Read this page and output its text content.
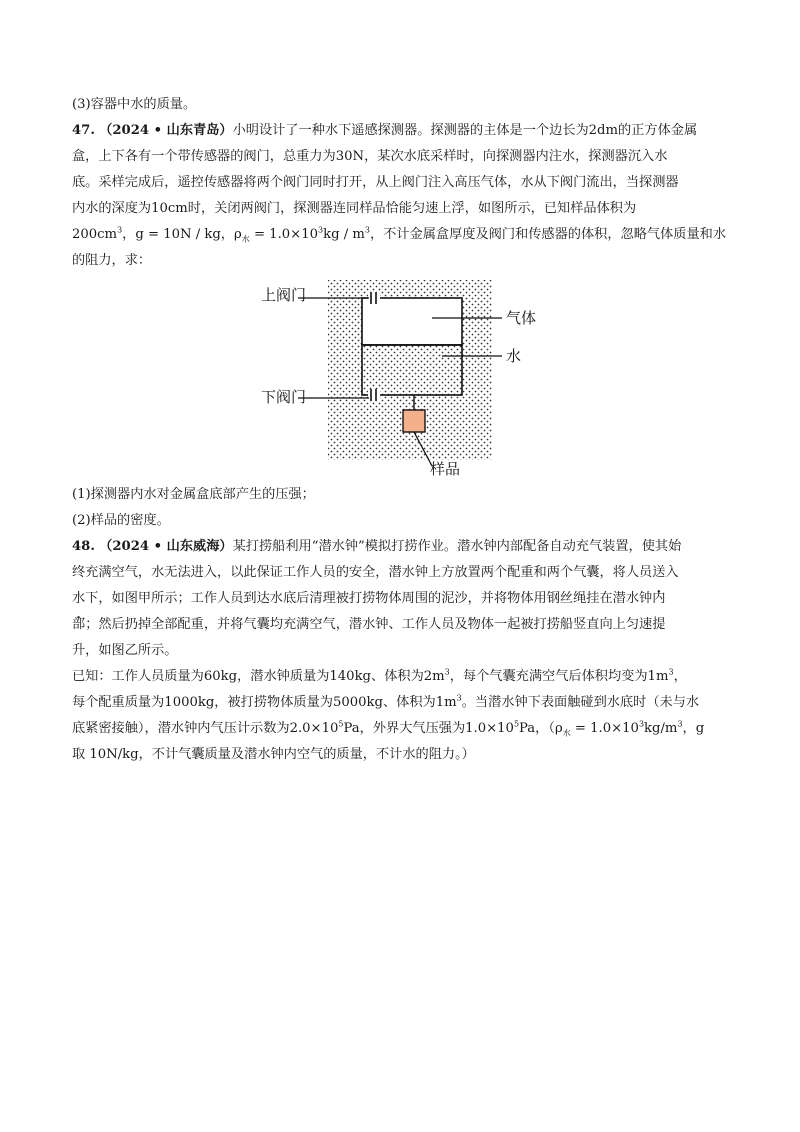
(3)容器中水的质量。
47. （2024 • 山东青岛）小明设计了一种水下遥感探测器。探测器的主体是一个边长为2dm的正方体金属
盒，上下各有一个带传感器的阀门，总重力为30N，某次水底采样时，向探测器内注水，探测器沉入水
底。采样完成后，遥控传感器将两个阀门同时打开，从上阀门注入高压气体，水从下阀门流出，当探测器
内水的深度为10cm时，关闭两阀门，探测器连同样品恰能匀速上浮，如图所示，已知样品体积为
$200cm^3$，g = 10N / kg，$\rho_水 = 1.0\times 10^3kg / m^3$，不计金属盒厚度及阀门和传感器的体积，忽略气体质量和水
的阻力，求：
上阀门
气体
水
下阀门
样品
(1)探测器内水对金属盒底部产生的压强；
(2)样品的密度。
48. （2024 • 山东威海）某打捞船利用“潜水钟”模拟打捞作业。潜水钟内部配备自动充气装置，使其始
终充满空气，水无法进入，以此保证工作人员的安全，潜水钟上方放置两个配重和两个气囊，将人员送入
水下，如图甲所示；工作人员到达水底后清理被打捞物体周围的泥沙，并将物体用钢丝绳挂在潜水钟内
部；然后扔掉全部配重，并将气囊均充满空气，潜水钟、工作人员及物体一起被打捞船竖直向上匀速提
升，如图乙所示。
已知：工作人员质量为60kg，潜水钟质量为140kg、体积为$2m^3$，每个气囊充满空气后体积均变为$1m^3$，
每个配重质量为1000kg，被打捞物体质量为5000kg、体积为$1m^3$。当潜水钟下表面触碰到水底时（未与水
底紧密接触），潜水钟内气压计示数为$2.0\times 10^5Pa$，外界大气压强为$1.0\times 10^5Pa$，（$\rho_水 = 1.0\times 10^3kg/m^3$，g
取 10N/kg，不计气囊质量及潜水钟内空气的质量，不计水的阻力。）
